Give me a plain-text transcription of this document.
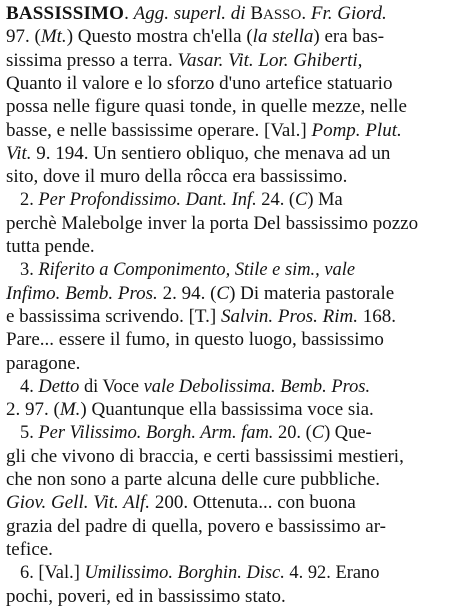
BASSISSIMO. Agg. superl. di BASSO. Fr. Giord.
97. (Mt.) Questo mostra ch'ella (la stella) era bas-
sissima presso a terra. Vasar. Vit. Lor. Ghiberti,
Quanto il valore e lo sforzo d'uno artefice statuario
possa nelle figure quasi tonde, in quelle mezze, nelle
basse, e nelle bassissime operare. [Val.] Pomp. Plut.
Vit. 9. 194. Un sentiero obliquo, che menava ad un
sito, dove il muro della rôcca era bassissimo.
2. Per Profondissimo. Dant. Inf. 24. (C) Ma
perchè Malebolge inver la porta Del bassissimo pozzo
tutta pende.
3. Riferito a Componimento, Stile e sim., vale
Infimo. Bemb. Pros. 2. 94. (C) Di materia pastorale
e bassissima scrivendo. [T.] Salvin. Pros. Rim. 168.
Pare... essere il fumo, in questo luogo, bassissimo
paragone.
4. Detto di Voce vale Debolissima. Bemb. Pros.
2. 97. (M.) Quantunque ella bassissima voce sia.
5. Per Vilissimo. Borgh. Arm. fam. 20. (C) Que-
gli che vivono di braccia, e certi bassissimi mestieri,
che non sono a parte alcuna delle cure pubbliche.
Giov. Gell. Vit. Alf. 200. Ottenuta... con buona
grazia del padre di quella, povero e bassissimo ar-
tefice.
6. [Val.] Umilissimo. Borghin. Disc. 4. 92. Erano
pochi, poveri, ed in bassissimo stato.
